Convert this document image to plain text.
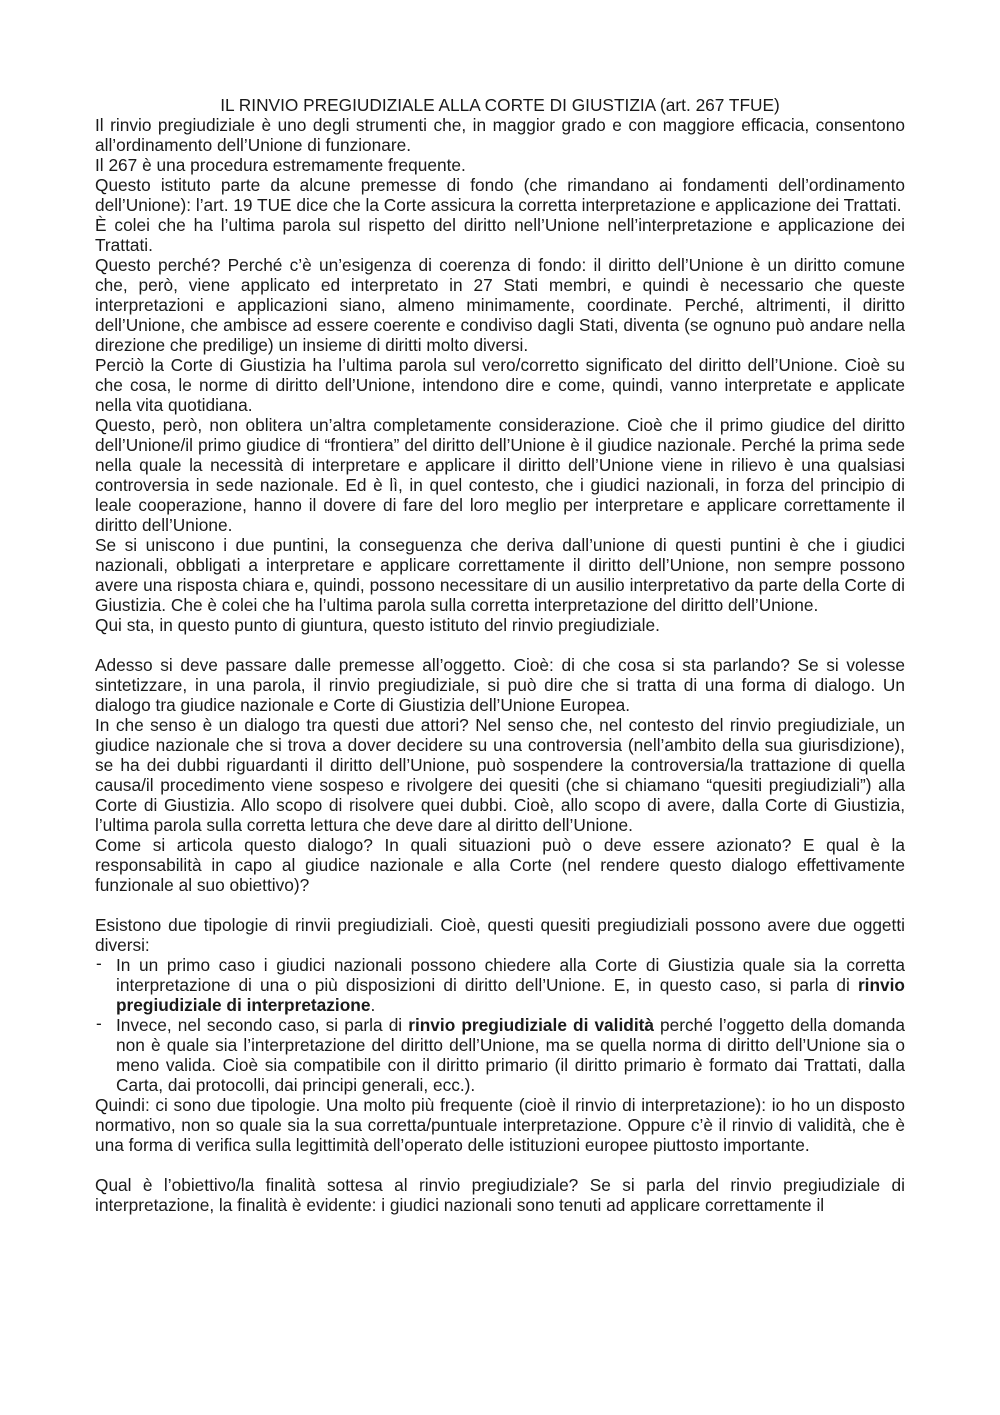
IL RINVIO PREGIUDIZIALE ALLA CORTE DI GIUSTIZIA (art. 267 TFUE)

Il rinvio pregiudiziale è uno degli strumenti che, in maggior grado e con maggiore efficacia, consentono all’ordinamento dell’Unione di funzionare.

Il 267 è una procedura estremamente frequente.

Questo istituto parte da alcune premesse di fondo (che rimandano ai fondamenti dell’ordinamento dell’Unione): l’art. 19 TUE dice che la Corte assicura la corretta interpretazione e applicazione dei Trattati.

È colei che ha l’ultima parola sul rispetto del diritto nell’Unione nell’interpretazione e applicazione dei Trattati.

Questo perché? Perché c’è un’esigenza di coerenza di fondo: il diritto dell’Unione è un diritto comune che, però, viene applicato ed interpretato in 27 Stati membri, e quindi è necessario che queste interpretazioni e applicazioni siano, almeno minimamente, coordinate. Perché, altrimenti, il diritto dell’Unione, che ambisce ad essere coerente e condiviso dagli Stati, diventa (se ognuno può andare nella direzione che predilige) un insieme di diritti molto diversi.

Perciò la Corte di Giustizia ha l’ultima parola sul vero/corretto significato del diritto dell’Unione. Cioè su che cosa, le norme di diritto dell’Unione, intendono dire e come, quindi, vanno interpretate e applicate nella vita quotidiana.

Questo, però, non oblitera un’altra completamente considerazione. Cioè che il primo giudice del diritto dell’Unione/il primo giudice di “frontiera” del diritto dell’Unione è il giudice nazionale. Perché la prima sede nella quale la necessità di interpretare e applicare il diritto dell’Unione viene in rilievo è una qualsiasi controversia in sede nazionale. Ed è lì, in quel contesto, che i giudici nazionali, in forza del principio di leale cooperazione, hanno il dovere di fare del loro meglio per interpretare e applicare correttamente il diritto dell’Unione.

Se si uniscono i due puntini, la conseguenza che deriva dall’unione di questi puntini è che i giudici nazionali, obbligati a interpretare e applicare correttamente il diritto dell’Unione, non sempre possono avere una risposta chiara e, quindi, possono necessitare di un ausilio interpretativo da parte della Corte di Giustizia. Che è colei che ha l’ultima parola sulla corretta interpretazione del diritto dell’Unione.

Qui sta, in questo punto di giuntura, questo istituto del rinvio pregiudiziale.

Adesso si deve passare dalle premesse all’oggetto. Cioè: di che cosa si sta parlando? Se si volesse sintetizzare, in una parola, il rinvio pregiudiziale, si può dire che si tratta di una forma di dialogo. Un dialogo tra giudice nazionale e Corte di Giustizia dell’Unione Europea.

In che senso è un dialogo tra questi due attori? Nel senso che, nel contesto del rinvio pregiudiziale, un giudice nazionale che si trova a dover decidere su una controversia (nell’ambito della sua giurisdizione), se ha dei dubbi riguardanti il diritto dell’Unione, può sospendere la controversia/la trattazione di quella causa/il procedimento viene sospeso e rivolgere dei quesiti (che si chiamano “quesiti pregiudiziali”) alla Corte di Giustizia. Allo scopo di risolvere quei dubbi. Cioè, allo scopo di avere, dalla Corte di Giustizia, l’ultima parola sulla corretta lettura che deve dare al diritto dell’Unione.

Come si articola questo dialogo? In quali situazioni può o deve essere azionato? E qual è la responsabilità in capo al giudice nazionale e alla Corte (nel rendere questo dialogo effettivamente funzionale al suo obiettivo)?

Esistono due tipologie di rinvii pregiudiziali. Cioè, questi quesiti pregiudiziali possono avere due oggetti diversi:

- In un primo caso i giudici nazionali possono chiedere alla Corte di Giustizia quale sia la corretta interpretazione di una o più disposizioni di diritto dell’Unione. E, in questo caso, si parla di rinvio pregiudiziale di interpretazione.
- Invece, nel secondo caso, si parla di rinvio pregiudiziale di validità perché l’oggetto della domanda non è quale sia l’interpretazione del diritto dell’Unione, ma se quella norma di diritto dell’Unione sia o meno valida. Cioè sia compatibile con il diritto primario (il diritto primario è formato dai Trattati, dalla Carta, dai protocolli, dai principi generali, ecc.).

Quindi: ci sono due tipologie. Una molto più frequente (cioè il rinvio di interpretazione): io ho un disposto normativo, non so quale sia la sua corretta/puntuale interpretazione. Oppure c’è il rinvio di validità, che è una forma di verifica sulla legittimità dell’operato delle istituzioni europee piuttosto importante.

Qual è l’obiettivo/la finalità sottesa al rinvio pregiudiziale? Se si parla del rinvio pregiudiziale di interpretazione, la finalità è evidente: i giudici nazionali sono tenuti ad applicare correttamente il
